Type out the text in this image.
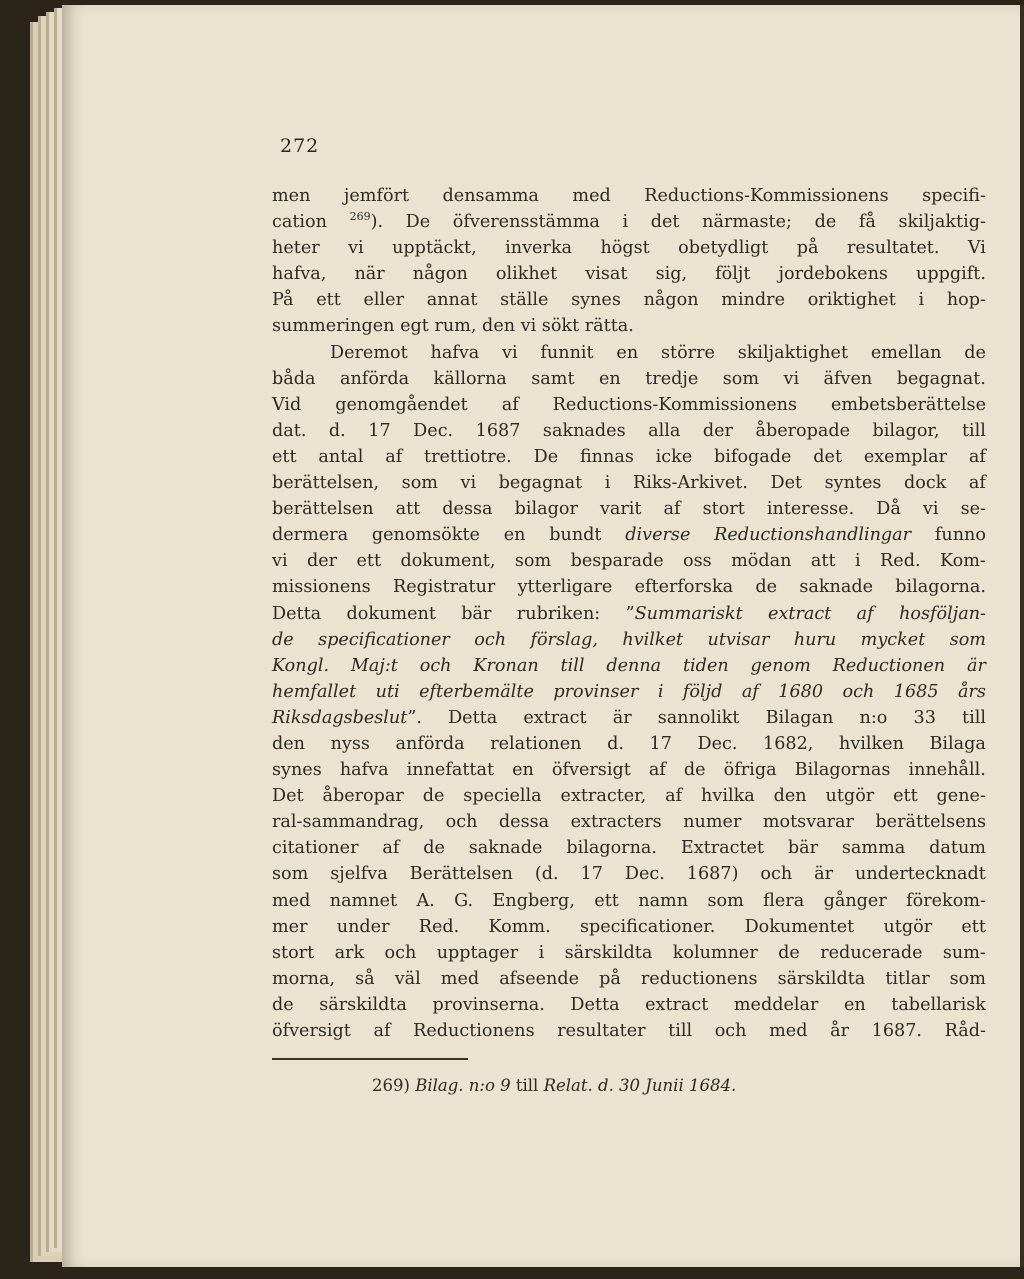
272
men jemfört densamma med Reductions-Kommissionens specifi-
cation $^{269}$). De öfverensstämma i det närmaste; de få skiljaktig-
heter vi upptäckt, inverka högst obetydligt på resultatet. Vi
hafva, när någon olikhet visat sig, följt jordebokens uppgift.
På ett eller annat ställe synes någon mindre oriktighet i hop-
summeringen egt rum, den vi sökt rätta.
Deremot hafva vi funnit en större skiljaktighet emellan de
båda anförda källorna samt en tredje som vi äfven begagnat.
Vid genomgåendet af Reductions-Kommissionens embetsberättelse
dat. d. 17 Dec. 1687 saknades alla der åberopade bilagor, till
ett antal af trettiotre. De finnas icke bifogade det exemplar af
berättelsen, som vi begagnat i Riks-Arkivet. Det syntes dock af
berättelsen att dessa bilagor varit af stort interesse. Då vi se-
dermera genomsökte en bundt diverse Reductionshandlingar funno
vi der ett dokument, som besparade oss mödan att i Red. Kom-
missionens Registratur ytterligare efterforska de saknade bilagorna.
Detta dokument bär rubriken: ”Summariskt extract af hosföljan-
de specificationer och förslag, hvilket utvisar huru mycket som
Kongl. Maj:t och Kronan till denna tiden genom Reductionen är
hemfallet uti efterbemälte provinser i följd af 1680 och 1685 års
Riksdagsbeslut”. Detta extract är sannolikt Bilagan n:o 33 till
den nyss anförda relationen d. 17 Dec. 1682, hvilken Bilaga
synes hafva innefattat en öfversigt af de öfriga Bilagornas innehåll.
Det åberopar de speciella extracter, af hvilka den utgör ett gene-
ral-sammandrag, och dessa extracters numer motsvarar berättelsens
citationer af de saknade bilagorna. Extractet bär samma datum
som sjelfva Berättelsen (d. 17 Dec. 1687) och är undertecknadt
med namnet A. G. Engberg, ett namn som flera gånger förekom-
mer under Red. Komm. specificationer. Dokumentet utgör ett
stort ark och upptager i särskildta kolumner de reducerade sum-
morna, så väl med afseende på reductionens särskildta titlar som
de särskildta provinserna. Detta extract meddelar en tabellarisk
öfversigt af Reductionens resultater till och med år 1687. Råd-
269) Bilag. n:o 9 till Relat. d. 30 Junii 1684.
